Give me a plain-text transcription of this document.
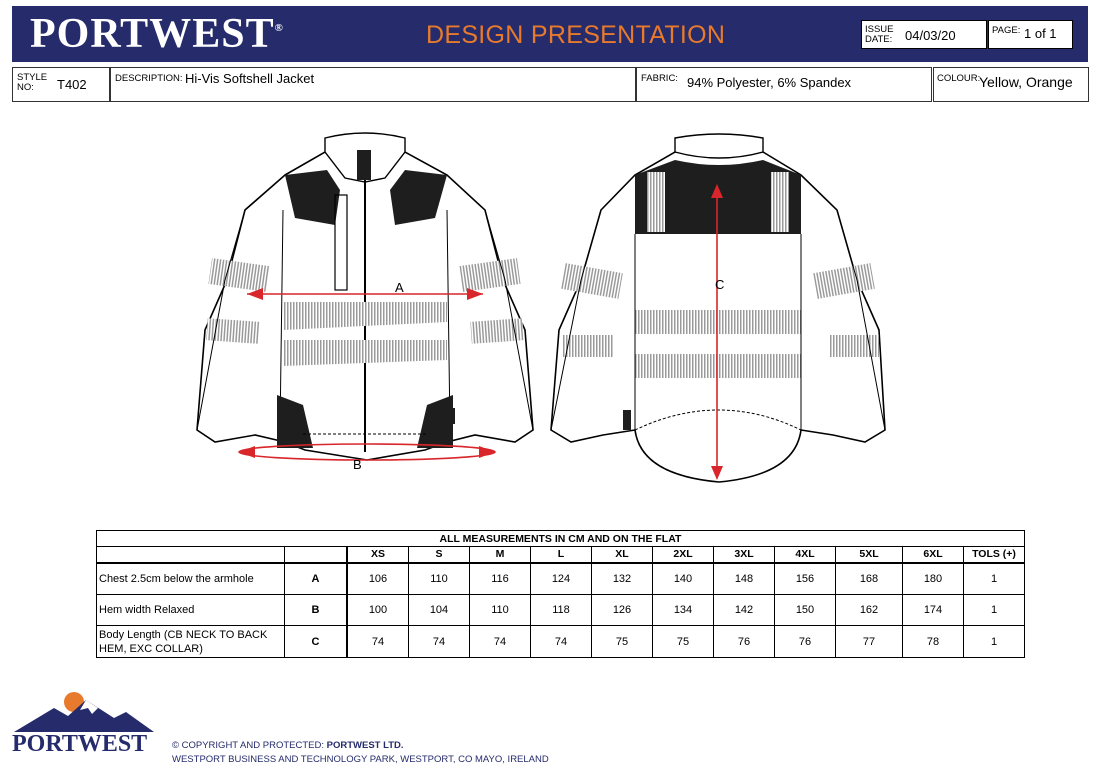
PORTWEST®	DESIGN PRESENTATION	ISSUE
DATE: 04/03/20	PAGE: 1 of 1
STYLE
NO:	T402	DESCRIPTION: Hi-Vis Softshell Jacket	FABRIC: 94% Polyester, 6% Spandex	COLOUR:
Yellow, Orange
A
B
C
ALL MEASUREMENTS IN CM AND ON THE FLAT												
		XS	S	M	L	XL	2XL	3XL	4XL	5XL	6XL	TOLS (+)
Chest 2.5cm below the armhole	A	106	110	116	124	132	140	148	156	168	180	1
Hem width Relaxed	B	100	104	110	118	126	134	142	150	162	174	1
Body Length (CB NECK TO BACK HEM, EXC COLLAR)	C	74	74	74	74	75	75	76	76	77	78	1
PORTWEST	© COPYRIGHT AND PROTECTED: PORTWEST LTD.
WESTPORT BUSINESS AND TECHNOLOGY PARK, WESTPORT, CO MAYO, IRELAND
